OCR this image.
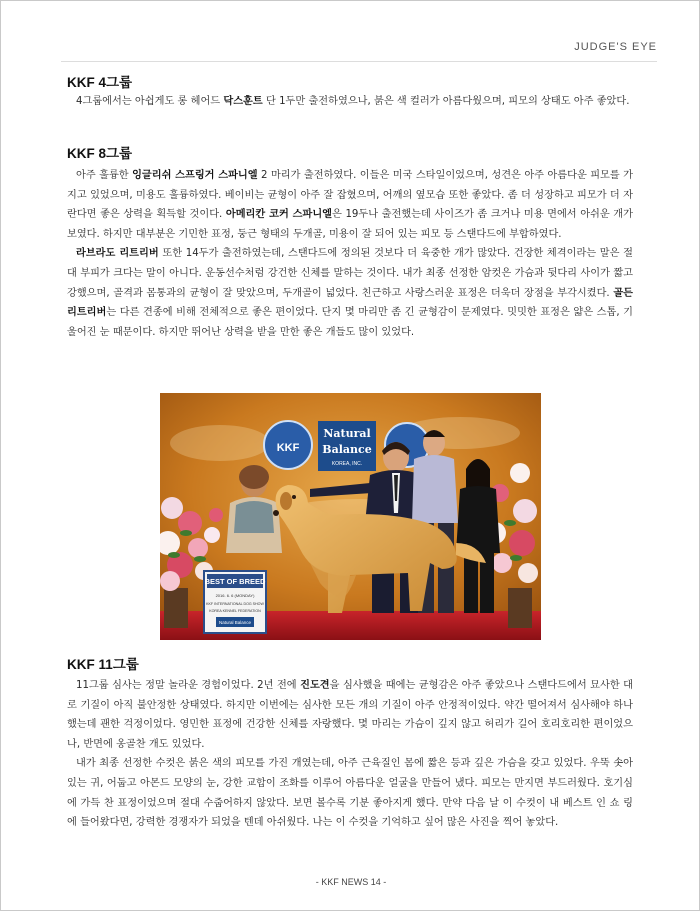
JUDGE'S EYE
KKF 4그룹

4그룹에서는 아쉽게도 롱 헤어드 닥스훈트 단 1두만 출전하였으나, 붉은 색 컬러가 아름다웠으며, 피모의 상태도 아주 좋았다.

KKF 8그룹

아주 훌륭한 잉글리쉬 스프링거 스파니엘 2 마리가 출전하였다. 이들은 미국 스타일이었으며, 성견은 아주 아름다운 피모를 가지고 있었으며, 미용도 훌륭하였다. 베이비는 균형이 아주 잘 잡혔으며, 어깨의 옆모습 또한 좋았다. 좀 더 성장하고 피모가 더 자란다면 좋은 상력을 획득할 것이다. 아메리칸 코커 스파니엘은 19두나 출전했는데 사이즈가 좀 크거나 미용 면에서 아쉬운 개가 보였다. 하지만 대부분은 기민한 표정, 둥근 형태의 두개골, 미용이 잘 되어 있는 피모 등 스탠다드에 부합하였다.

라브라도 리트리버 또한 14두가 출전하였는데, 스탠다드에 정의된 것보다 더 육중한 개가 많았다. 건장한 체격이라는 말은 절대 부피가 크다는 말이 아니다. 운동선수처럼 강건한 신체를 말하는 것이다. 내가 최종 선정한 암컷은 가슴과 뒷다리 사이가 짧고 강했으며, 골격과 몸통과의 균형이 잘 맞았으며, 두개골이 넓었다. 친근하고 사랑스러운 표정은 더욱더 장점을 부각시켰다. 골든 리트리버는 다른 견종에 비해 전체적으로 좋은 편이었다. 단지 몇 마리만 좀 긴 균형감이 문제였다. 밋밋한 표정은 얇은 스톱, 기울어진 눈 때문이다. 하지만 뛰어난 상력을 받을 만한 좋은 개들도 많이 있었다.

KKF
Natural
Balance
KOREA, INC.
BEST OF BREED
2016. 6. 6 (MONDAY)
KKF INTERNATIONAL DOG SHOW
KOREA KENNEL FEDERATION
Natural Balance
KKF 11그룹

11그룹 심사는 정말 놀라운 경험이었다. 2년 전에 진도견을 심사했을 때에는 균형감은 아주 좋았으나 스탠다드에서 묘사한 대로 기질이 아직 불안정한 상태였다. 하지만 이번에는 심사한 모든 개의 기질이 아주 안정적이었다. 약간 떨어져서 심사해야 하나 했는데 괜한 걱정이었다. 영민한 표정에 건강한 신체를 자랑했다. 몇 마리는 가슴이 깊지 않고 허리가 길어 호리호리한 편이었으나, 반면에 옹골찬 개도 있었다.

내가 최종 선정한 수컷은 붉은 색의 피모를 가진 개였는데, 아주 근육질인 몸에 짧은 등과 깊은 가슴을 갖고 있었다. 우뚝 솟아 있는 귀, 어둡고 아몬드 모양의 눈, 강한 교합이 조화를 이루어 아름다운 얼굴을 만들어 냈다. 피모는 만지면 부드러웠다. 호기심에 가득 찬 표정이었으며 절대 수줍어하지 않았다. 보면 볼수록 기분 좋아지게 했다. 만약 다음 날 이 수컷이 내 베스트 인 쇼 링에 들어왔다면, 강력한 경쟁자가 되었을 텐데 아쉬웠다. 나는 이 수컷을 기억하고 싶어 많은 사진을 찍어 놓았다.

- KKF NEWS 14 -
